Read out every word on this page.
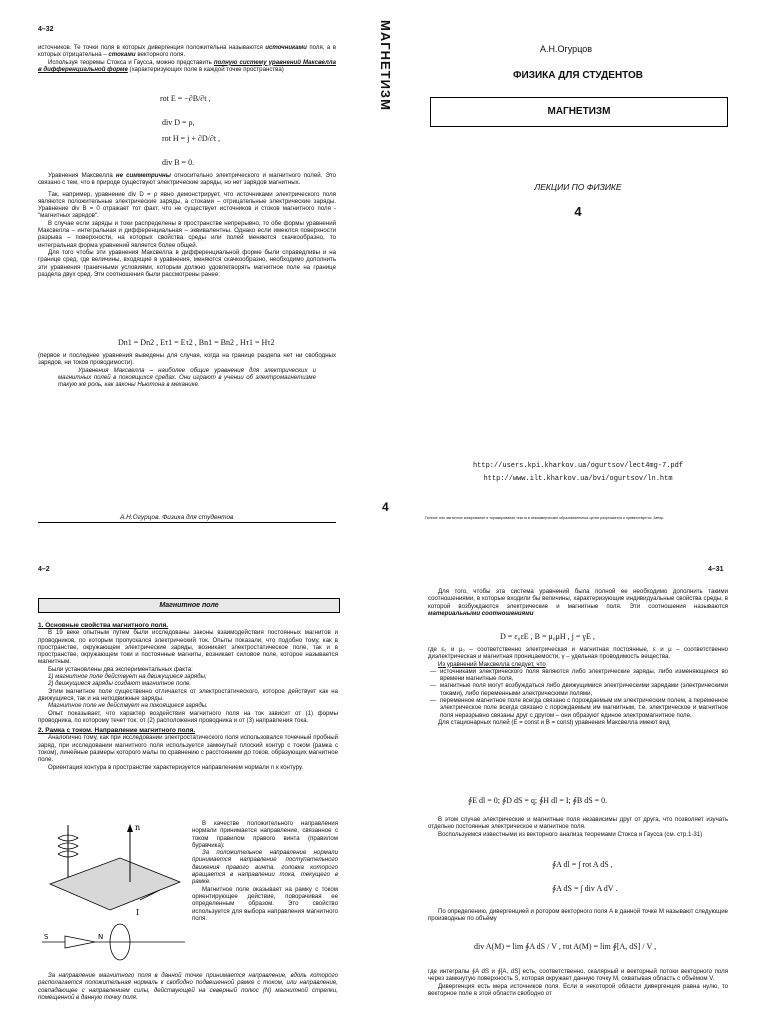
4–32

источников. Те точки поля в которых дивергенция положительна называются источниками поля, а в которых отрицательна – стоками векторного поля.

Используя теоремы Стокса и Гаусса, можно представить полную систему уравнений Максвелла в дифференциальной форме (характеризующих поле в каждой точке пространства)

rot E = −∂B/∂t ,
div D = ρ,
rot H = j + ∂D/∂t ,
div B = 0.

Уравнения Максвелла не симметричны относительно электрического и магнитного полей. Это связано с тем, что в природе существуют электрические заряды, но нет зарядов магнитных.

Так, например, уравнение div D = ρ явно демонстрирует, что источниками электрического поля являются положительные электрические заряды, а стоками – отрицательные электрические заряды. Уравнение div B = 0 отражает тот факт, что не существует источников и стоков магнитного поля - "магнитных зарядов".

В случае если заряды и токи распределены в пространстве непрерывно, то обе формы уравнений Максвелла – интегральная и дифференциальная – эквивалентны. Однако если имеются поверхности разрыва – поверхности, на которых свойства среды или полей меняются скачкообразно, то интегральная форма уравнений является более общей.

Для того чтобы эти уравнения Максвелла в дифференциальной форме были справедливы и на границе сред, где величины, входящие в уравнения, меняются скачкообразно, необходимо дополнить эти уравнения граничными условиями, которым должно удовлетворять магнитное поле на границе раздела двух сред. Эти соотношения были рассмотрены ранее:

Dn1 = Dn2 , Eτ1 = Eτ2 , Bn1 = Bn2 , Hτ1 = Hτ2

(первое и последнее уравнения выведены для случая, когда на границе раздела нет ни свободных зарядов, ни токов проводимости).

Уравнения Максвелла – наиболее общие уравнения для электрических и магнитных полей в покоящихся средах. Они играют в учении об электромагнетизме такую же роль, как законы Ньютона в механике.

А.Н.Огурцов. Физика для студентов
МАГНЕТИЗМ	А.Н.Огурцов
ФИЗИКА ДЛЯ СТУДЕНТОВ
МАГНЕТИЗМ
ЛЕКЦИИ ПО ФИЗИКЕ
4
http://users.kpi.kharkov.ua/ogurtsov/lect4mg-7.pdf
http://www.ilt.kharkov.ua/bvi/ogurtsov/ln.htm
4
Полное или частичное копирование и тиражирование текста в некоммерческих образовательных целях разрешается и приветствуется. Автор.
4–2
Магнитное поле
1. Основные свойства магнитного поля.

В 19 веке опытным путем были исследованы законы взаимодействия постоянных магнитов и проводников, по которым пропускался электрический ток. Опыты показали, что подобно тому, как в пространстве, окружающем электрические заряды, возникает электростатическое поле, так и в пространстве, окружающем токи и постоянные магниты, возникает силовое поле, которое называется магнитным.

Были установлены два экспериментальных факта:

1) магнитное поле действует на движущиеся заряды;

2) движущиеся заряды создают магнитное поле.

Этим магнитное поле существенно отличается от электростатического, которое действует как на движущиеся, так и на неподвижные заряды.

Магнитное поле не действует на покоящиеся заряды.

Опыт показывает, что характер воздействия магнитного поля на ток зависит от (1) формы проводника, по которому течет ток; от (2) расположения проводника и от (3) направления тока.

2. Рамка с током. Направление магнитного поля.

Аналогично тому, как при исследовании электростатического поля использовался точечный пробный заряд, при исследовании магнитного поля используется замкнутый плоский контур с током (рамка с током), линейные размеры которого малы по сравнению с расстоянием до токов, образующих магнитное поле.

Ориентация контура в пространстве характеризуется направлением нормали n к контуру.

n
I
S	N

В качестве положительного направления нормали принимается направление, связанное с током правилом правого винта (правилом буравчика):

За положительное направление нормали принимается направление поступательного движения правого винта, головка которого вращается в направлении тока, текущего в рамке.

Магнитное поле оказывает на рамку с током ориентирующее действие, поворачивая ее определенным образом. Это свойство используется для выбора направления магнитного поля.

За направление магнитного поля в данной точке принимается направление, вдоль которого располагается положительная нормаль к свободно подвешенной рамке с током, или направление, совпадающее с направлением силы, действующей на северный полюс (N) магнитной стрелки, помещенной в данную точку поля.

4–31

Для того, чтобы эта система уравнений была полной ее необходимо дополнить такими соотношениями, в которые входили бы величины, характеризующие индивидуальные свойства среды, в которой возбуждаются электрические и магнитные поля. Эти соотношения называются материальными соотношениями

D = ε₀εE , B = μ₀μH , j = γE ,

где ε₀ и μ₀ – соответственно электрическая и магнитная постоянные, ε и μ – соответственно диэлектрическая и магнитная проницаемости, γ – удельная проводимость вещества.

Из уравнений Максвелла следует, что

— источниками электрического поля являются либо электрические заряды, либо изменяющиеся во времени магнитные поля,
— магнитные поля могут возбуждаться либо движущимися электрическими зарядами (электрическими токами), либо переменными электрическими полями,
— переменное магнитное поле всегда связано с порождаемым им электрическим полем, а переменное электрическое поле всегда связано с порождаемым им магнитным, т.е. электрическое и магнитное поля неразрывно связаны друг с другом – они образуют единое электромагнитное поле.

Для стационарных полей (E = const и B = const) уравнения Максвелла имеют вид

∮E dl = 0; ∮D dS = q; ∮H dl = I; ∮B dS = 0.

В этом случае электрические и магнитные поля независимы друг от друга, что позволяет изучать отдельно постоянные электрическое и магнитное поля.

Воспользуемся известными из векторного анализа теоремами Стокса и Гаусса (см. стр.1-31)

∮A dl = ∫ rot A dS ,
∮A dS = ∫ div A dV .

По определению, дивергенцией и ротором векторного поля A в данной точке M называют следующие производные по объёму

div A(M) = lim ∮A dS / V , rot A(M) = lim ∮[A, dS] / V ,

где интегралы ∮A dS и ∮[A, dS] есть, соответственно, скалярный и векторный потоки векторного поля через замкнутую поверхность S, которая окружает данную точку M, охватывая область с объёмом V.

Дивергенция есть мера источников поля. Если в некоторой области дивергенция равна нулю, то векторное поле в этой области свободно от
